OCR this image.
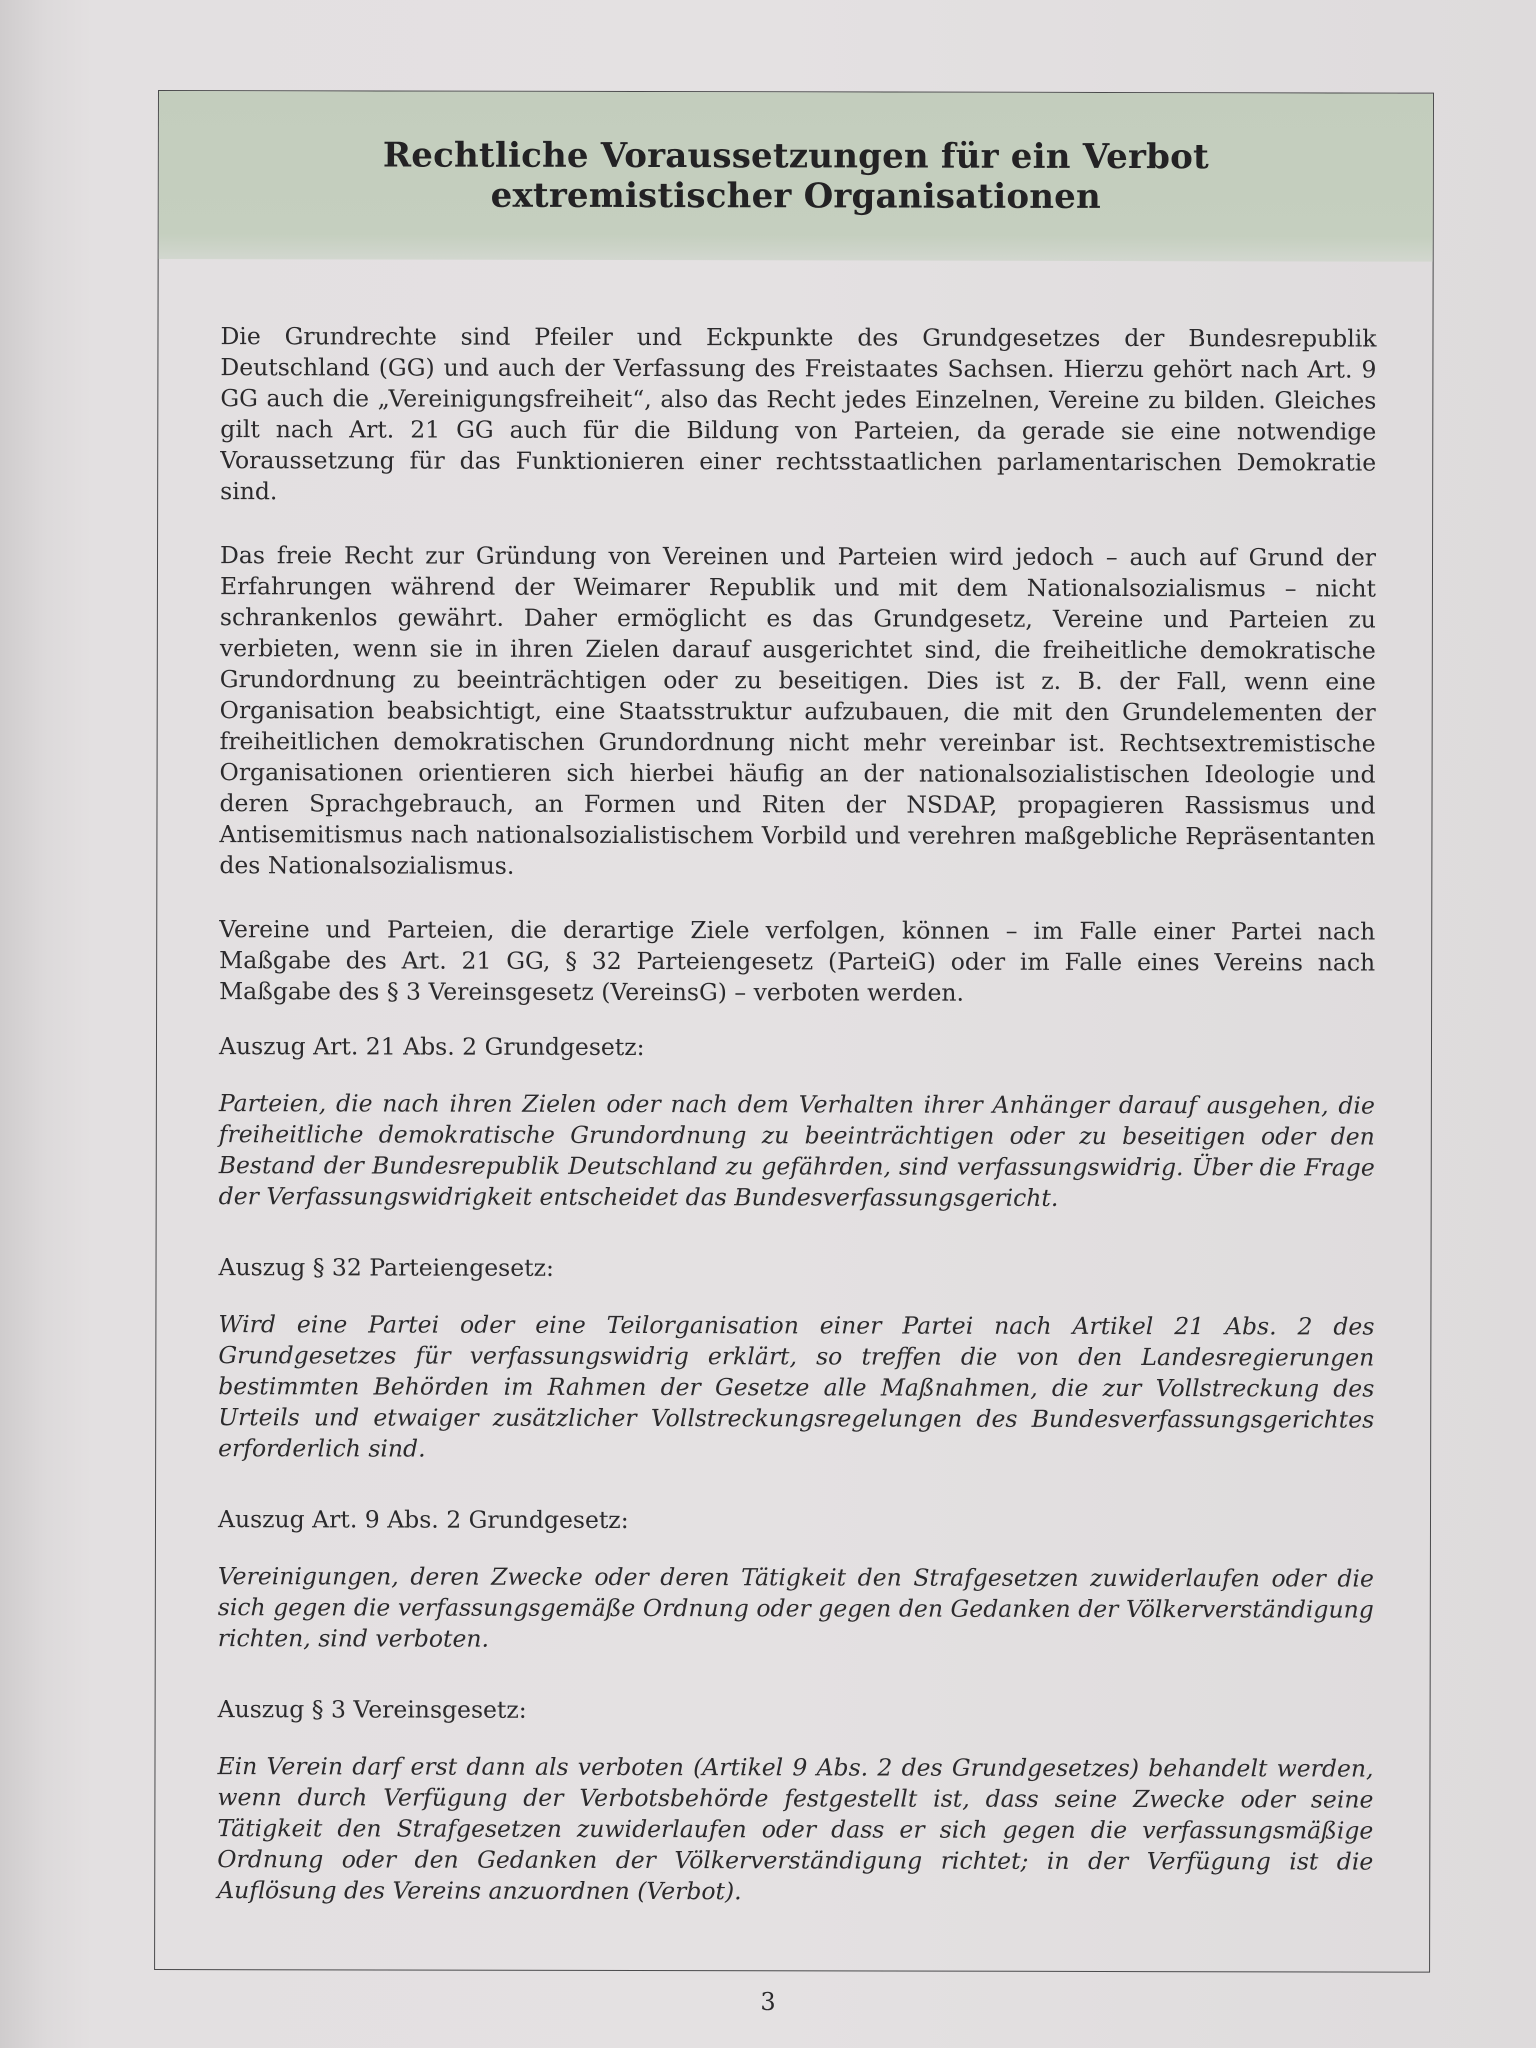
Rechtliche Voraussetzungen für ein Verbot
extremistischer Organisationen

Die Grundrechte sind Pfeiler und Eckpunkte des Grundgesetzes der Bundesrepublik Deutschland (GG) und auch der Verfassung des Freistaates Sachsen. Hierzu gehört nach Art. 9 GG auch die „Vereinigungsfreiheit“, also das Recht jedes Einzelnen, Vereine zu bilden. Gleiches gilt nach Art. 21 GG auch für die Bildung von Parteien, da gerade sie eine notwendige Voraussetzung für das Funktionieren einer rechtsstaatlichen parlamentarischen Demokratie sind.

Das freie Recht zur Gründung von Vereinen und Parteien wird jedoch – auch auf Grund der Erfahrungen während der Weimarer Republik und mit dem Nationalsozialismus – nicht schrankenlos gewährt. Daher ermöglicht es das Grundgesetz, Vereine und Parteien zu verbieten, wenn sie in ihren Zielen darauf ausgerichtet sind, die freiheitliche demokratische Grundordnung zu beeinträchtigen oder zu beseitigen. Dies ist z. B. der Fall, wenn eine Organisation beabsichtigt, eine Staatsstruktur aufzubauen, die mit den Grundelementen der freiheitlichen demokratischen Grundordnung nicht mehr vereinbar ist. Rechtsextremistische Organisationen orientieren sich hierbei häufig an der nationalsozialistischen Ideologie und deren Sprachgebrauch, an Formen und Riten der NSDAP, propagieren Rassismus und Antisemitismus nach nationalsozialistischem Vorbild und verehren maßgebliche Repräsentanten des Nationalsozialismus.

Vereine und Parteien, die derartige Ziele verfolgen, können – im Falle einer Partei nach Maßgabe des Art. 21 GG, § 32 Parteiengesetz (ParteiG) oder im Falle eines Vereins nach Maßgabe des § 3 Vereinsgesetz (VereinsG) – verboten werden.

Auszug Art. 21 Abs. 2 Grundgesetz:

Parteien, die nach ihren Zielen oder nach dem Verhalten ihrer Anhänger darauf ausgehen, die freiheitliche demokratische Grundordnung zu beeinträchtigen oder zu beseitigen oder den Bestand der Bundesrepublik Deutschland zu gefährden, sind verfassungswidrig. Über die Frage der Verfassungswidrigkeit entscheidet das Bundesverfassungsgericht.

Auszug § 32 Parteiengesetz:

Wird eine Partei oder eine Teilorganisation einer Partei nach Artikel 21 Abs. 2 des Grundgesetzes für verfassungswidrig erklärt, so treffen die von den Landesregierungen bestimmten Behörden im Rahmen der Gesetze alle Maßnahmen, die zur Vollstreckung des Urteils und etwaiger zusätzlicher Vollstreckungsregelungen des Bundesverfassungsgerichtes erforderlich sind.

Auszug Art. 9 Abs. 2 Grundgesetz:

Vereinigungen, deren Zwecke oder deren Tätigkeit den Strafgesetzen zuwiderlaufen oder die sich gegen die verfassungsgemäße Ordnung oder gegen den Gedanken der Völkerverständigung richten, sind verboten.

Auszug § 3 Vereinsgesetz:

Ein Verein darf erst dann als verboten (Artikel 9 Abs. 2 des Grundgesetzes) behandelt werden, wenn durch Verfügung der Verbotsbehörde festgestellt ist, dass seine Zwecke oder seine Tätigkeit den Strafgesetzen zuwiderlaufen oder dass er sich gegen die verfassungsmäßige Ordnung oder den Gedanken der Völkerverständigung richtet; in der Verfügung ist die Auflösung des Vereins anzuordnen (Verbot).

3
